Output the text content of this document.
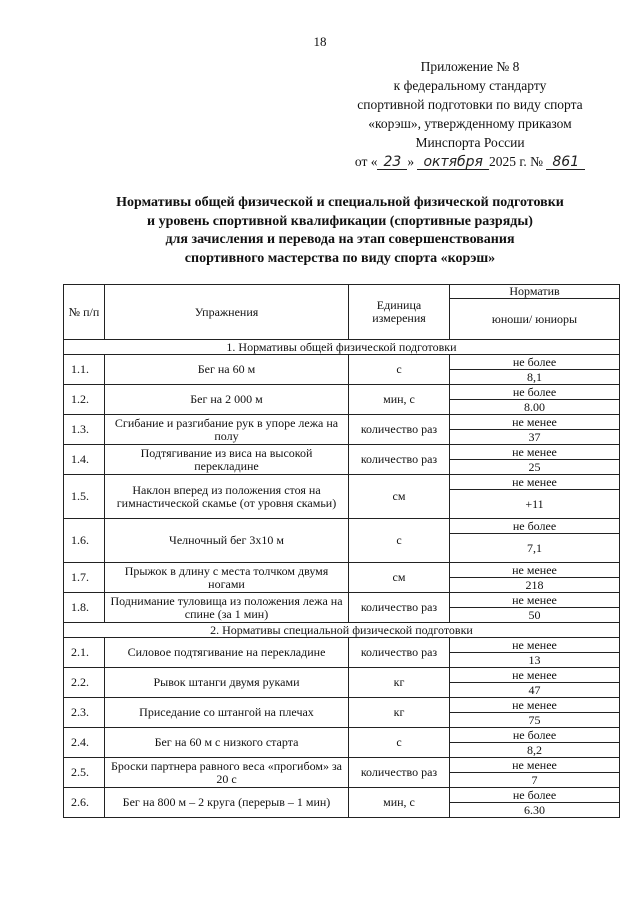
18
Приложение № 8
к федеральному стандарту
спортивной подготовки по виду спорта
«корэш», утвержденному приказом
Минспорта России
от « 23 » октября 2025 г. № 861
Нормативы общей физической и специальной физической подготовки
и уровень спортивной квалификации (спортивные разряды)
для зачисления и перевода на этап совершенствования
спортивного мастерства по виду спорта «корэш»
№ п/п	Упражнения	Единица измерения	Норматив
			юноши/ юниоры
1. Нормативы общей физической подготовки			
1.1.	Бег на 60 м	с	не более
			8,1
1.2.	Бег на 2 000 м	мин, с	не более
			8.00
1.3.	Сгибание и разгибание рук в упоре лежа на полу	количество раз	не менее
			37
1.4.	Подтягивание из виса на высокой перекладине	количество раз	не менее
			25
1.5.	Наклон вперед из положения стоя на гимнастической скамье (от уровня скамьи)	см	не менее
			+11
1.6.	Челночный бег 3x10 м	с	не более
			7,1
1.7.	Прыжок в длину с места толчком двумя ногами	см	не менее
			218
1.8.	Поднимание туловища из положения лежа на спине (за 1 мин)	количество раз	не менее
			50
2. Нормативы специальной физической подготовки			
2.1.	Силовое подтягивание на перекладине	количество раз	не менее
			13
2.2.	Рывок штанги двумя руками	кг	не менее
			47
2.3.	Приседание со штангой на плечах	кг	не менее
			75
2.4.	Бег на 60 м с низкого старта	с	не более
			8,2
2.5.	Броски партнера равного веса «прогибом» за 20 с	количество раз	не менее
			7
2.6.	Бег на 800 м – 2 круга (перерыв – 1 мин)	мин, с	не более
			6.30
